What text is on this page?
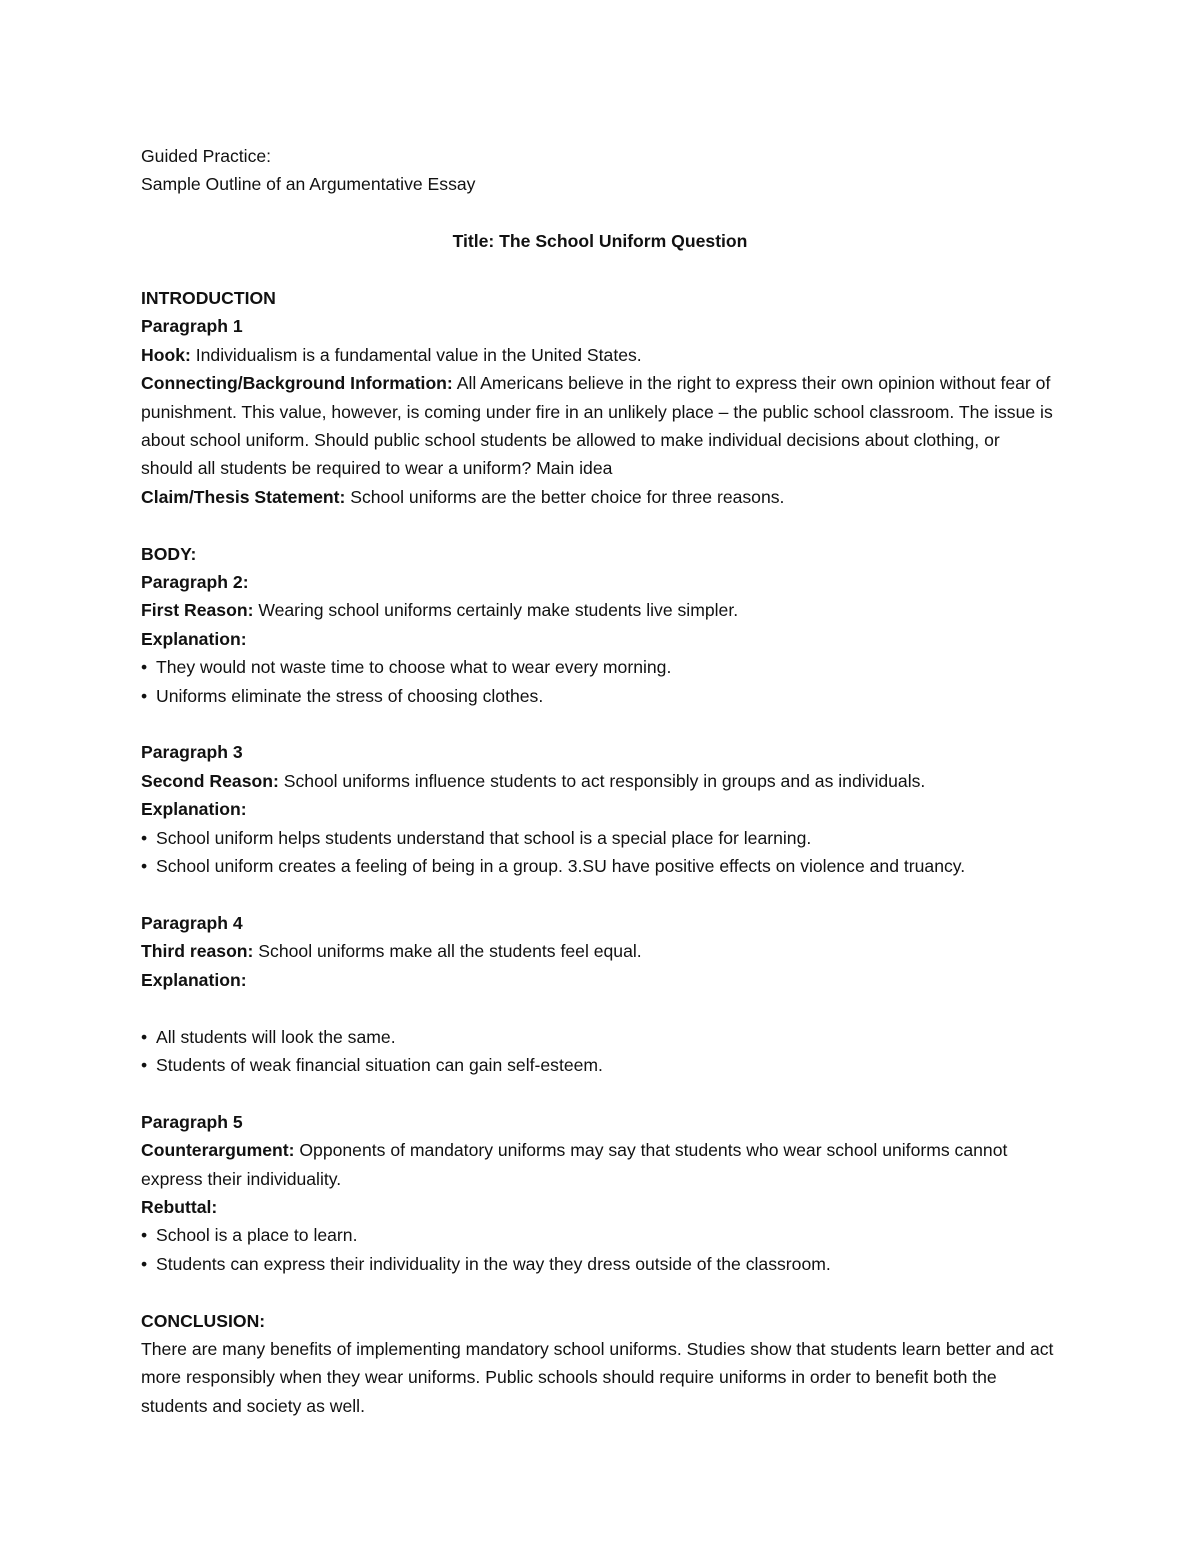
Guided Practice:
Sample Outline of an Argumentative Essay
Title: The School Uniform Question
INTRODUCTION
Paragraph 1
Hook: Individualism is a fundamental value in the United States.
Connecting/Background Information: All Americans believe in the right to express their own opinion without fear of punishment. This value, however, is coming under fire in an unlikely place – the public school classroom. The issue is about school uniform. Should public school students be allowed to make individual decisions about clothing, or should all students be required to wear a uniform? Main idea
Claim/Thesis Statement: School uniforms are the better choice for three reasons.
BODY:
Paragraph 2:
First Reason: Wearing school uniforms certainly make students live simpler.
Explanation:
• They would not waste time to choose what to wear every morning.
• Uniforms eliminate the stress of choosing clothes.
Paragraph 3
Second Reason: School uniforms influence students to act responsibly in groups and as individuals.
Explanation:
• School uniform helps students understand that school is a special place for learning.
• School uniform creates a feeling of being in a group. 3.SU have positive effects on violence and truancy.
Paragraph 4
Third reason: School uniforms make all the students feel equal.
Explanation:
• All students will look the same.
• Students of weak financial situation can gain self-esteem.
Paragraph 5
Counterargument: Opponents of mandatory uniforms may say that students who wear school uniforms cannot express their individuality.
Rebuttal:
• School is a place to learn.
• Students can express their individuality in the way they dress outside of the classroom.
CONCLUSION:
There are many benefits of implementing mandatory school uniforms. Studies show that students learn better and act more responsibly when they wear uniforms. Public schools should require uniforms in order to benefit both the students and society as well.
